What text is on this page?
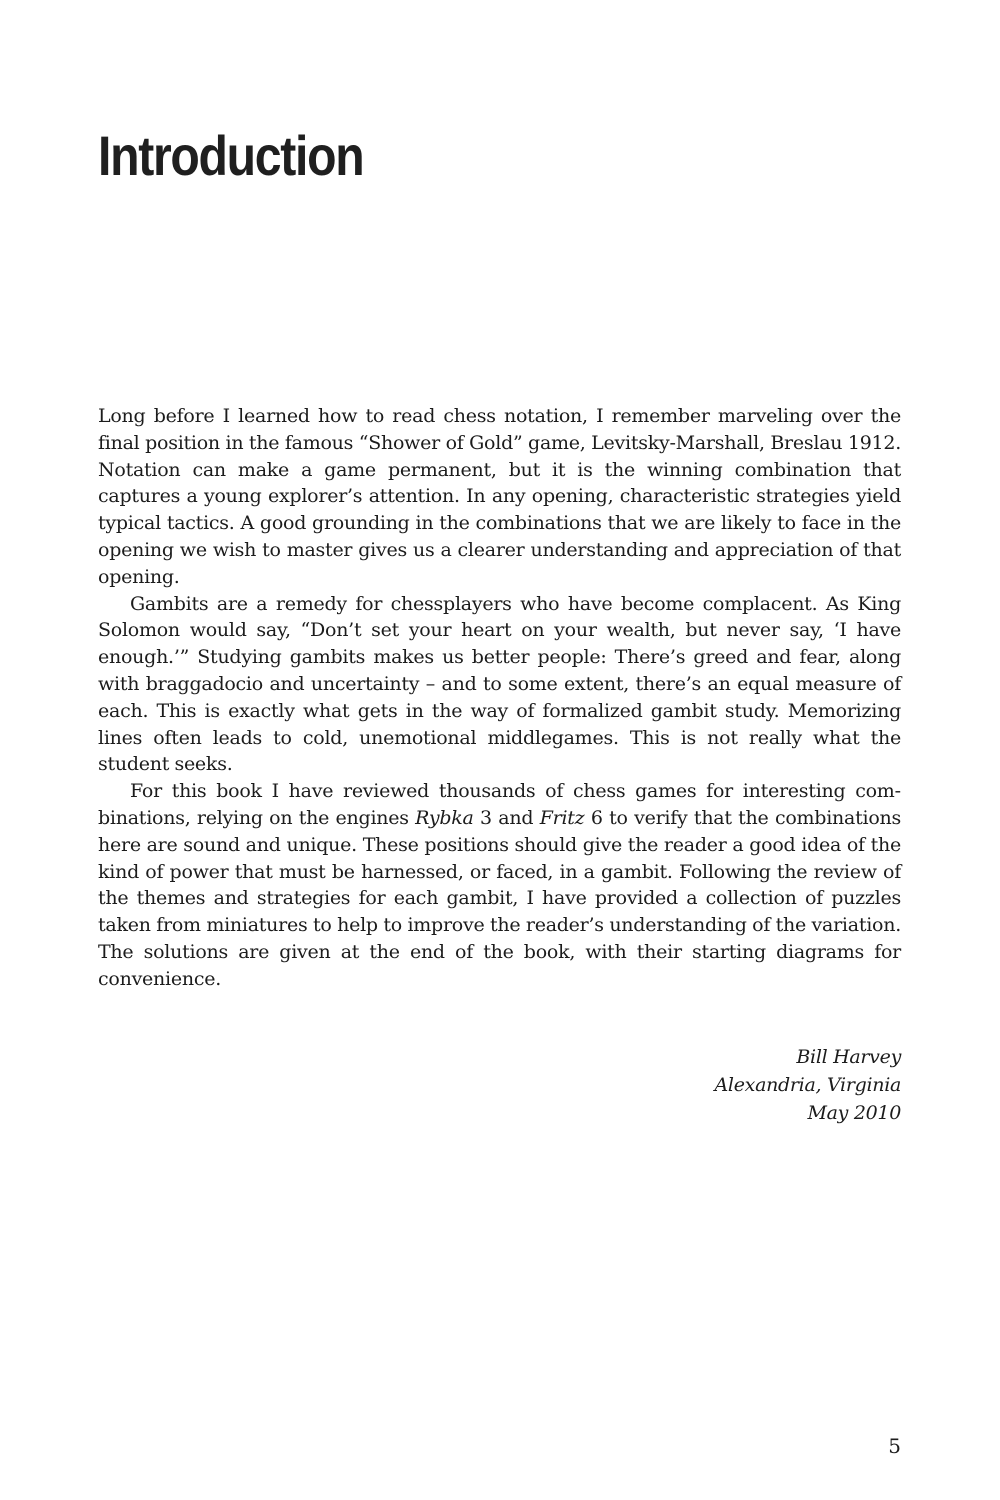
Introduction

Long before I learned how to read chess notation, I remember marveling over the final position in the famous “Shower of Gold” game, Levitsky-Marshall, Breslau 1912. Notation can make a game permanent, but it is the winning combination that captures a young explorer’s attention. In any opening, characteristic strategies yield typical tactics. A good grounding in the combinations that we are likely to face in the opening we wish to master gives us a clearer understanding and appreciation of that opening.

Gambits are a remedy for chessplayers who have become complacent. As King Solomon would say, “Don’t set your heart on your wealth, but never say, ‘I have enough.’” Studying gambits makes us better people: There’s greed and fear, along with braggadocio and uncertainty – and to some extent, there’s an equal measure of each. This is exactly what gets in the way of formalized gambit study. Memorizing lines often leads to cold, unemotional middlegames. This is not really what the student seeks.

For this book I have reviewed thousands of chess games for interesting combinations, relying on the engines Rybka 3 and Fritz 6 to verify that the combinations here are sound and unique. These positions should give the reader a good idea of the kind of power that must be harnessed, or faced, in a gambit. Following the review of the themes and strategies for each gambit, I have provided a collection of puzzles taken from miniatures to help to improve the reader’s understanding of the variation. The solutions are given at the end of the book, with their starting diagrams for convenience.

Bill Harvey
Alexandria, Virginia
May 2010
5
